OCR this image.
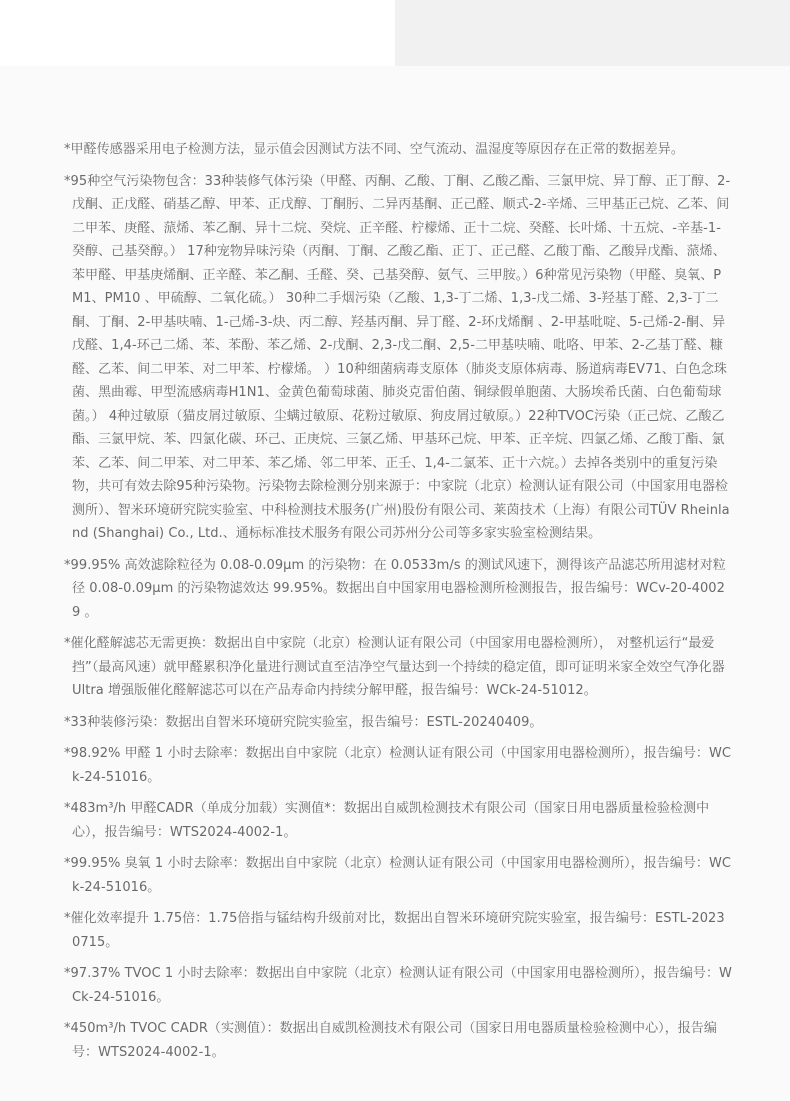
*甲醛传感器采用电子检测方法，显示值会因测试方法不同、空气流动、温湿度等原因存在正常的数据差异。

*95种空气污染物包含：33种装修气体污染（甲醛、丙酮、乙酸、丁酮、乙酸乙酯、三氯甲烷、异丁醇、正丁醇、2-戊酮、正戊醛、硝基乙醇、甲苯、正戊醇、丁酮肟、二异丙基酮、正己醛、顺式-2-辛烯、三甲基正己烷、乙苯、间二甲苯、庚醛、蒎烯、苯乙酮、异十二烷、癸烷、正辛醛、柠檬烯、正十二烷、癸醛、长叶烯、十五烷、-辛基-1-癸醇、己基癸醇。） 17种宠物异味污染（丙酮、丁酮、乙酸乙酯、正丁、正己醛、乙酸丁酯、乙酸异戊酯、蒎烯、苯甲醛、甲基庚烯酮、正辛醛、苯乙酮、壬醛、癸、己基癸醇、氨气、三甲胺。）6种常见污染物（甲醛、臭氧、PM1、PM10 、甲硫醇、二氧化硫。） 30种二手烟污染（乙酸、1,3-丁二烯、1,3-戊二烯、3-羟基丁醛、2,3-丁二酮、丁酮、2-甲基呋喃、1-己烯-3-炔、丙二醇、羟基丙酮、异丁醛、2-环戊烯酮 、2-甲基吡啶、5-己烯-2-酮、异戊醛、1,4-环己二烯、苯、苯酚、苯乙烯、2-戊酮、2,3-戊二酮、2,5-二甲基呋喃、吡咯、甲苯、2-乙基丁醛、糠醛、乙苯、间二甲苯、对二甲苯、柠檬烯。 ）10种细菌病毒支原体（肺炎支原体病毒、肠道病毒EV71、白色念珠菌、黑曲霉、甲型流感病毒H1N1、金黄色葡萄球菌、肺炎克雷伯菌、铜绿假单胞菌、大肠埃希氏菌、白色葡萄球菌。） 4种过敏原（猫皮屑过敏原、尘螨过敏原、花粉过敏原、狗皮屑过敏原。）22种TVOC污染（正己烷、乙酸乙酯、三氯甲烷、苯、四氯化碳、环己、正庚烷、三氯乙烯、甲基环己烷、甲苯、正辛烷、四氯乙烯、乙酸丁酯、氯苯、乙苯、间二甲苯、对二甲苯、苯乙烯、邻二甲苯、正壬、1,4-二氯苯、正十六烷。）去掉各类别中的重复污染物，共可有效去除95种污染物。污染物去除检测分别来源于：中家院（北京）检测认证有限公司（中国家用电器检测所）、智米环境研究院实验室、中科检测技术服务(广州)股份有限公司、莱茵技术（上海）有限公司TÜV Rheinland (Shanghai) Co., Ltd.、通标标准技术服务有限公司苏州分公司等多家实验室检测结果。

*99.95% 高效滤除粒径为 0.08-0.09μm 的污染物：在 0.0533m/s 的测试风速下，测得该产品滤芯所用滤材对粒径 0.08-0.09μm 的污染物滤效达 99.95%。数据出自中国家用电器检测所检测报告，报告编号：WCv-20-40029 。

*催化醛解滤芯无需更换：数据出自中家院（北京）检测认证有限公司（中国家用电器检测所）， 对整机运行“最爱挡”（最高风速）就甲醛累积净化量进行测试直至洁净空气量达到一个持续的稳定值，即可证明米家全效空气净化器 Ultra 增强版催化醛解滤芯可以在产品寿命内持续分解甲醛，报告编号：WCk-24-51012。

*33种装修污染：数据出自智米环境研究院实验室，报告编号：ESTL-20240409。

*98.92% 甲醛 1 小时去除率：数据出自中家院（北京）检测认证有限公司（中国家用电器检测所），报告编号：WCk-24-51016。

*483m³/h 甲醛CADR（单成分加载）实测值*：数据出自威凯检测技术有限公司（国家日用电器质量检验检测中心），报告编号：WTS2024-4002-1。

*99.95% 臭氧 1 小时去除率：数据出自中家院（北京）检测认证有限公司（中国家用电器检测所），报告编号：WCk-24-51016。

*催化效率提升 1.75倍：1.75倍指与锰结构升级前对比，数据出自智米环境研究院实验室，报告编号：ESTL-20230715。

*97.37% TVOC 1 小时去除率：数据出自中家院（北京）检测认证有限公司（中国家用电器检测所），报告编号：WCk-24-51016。

*450m³/h TVOC CADR（实测值）：数据出自威凯检测技术有限公司（国家日用电器质量检验检测中心），报告编号：WTS2024-4002-1。
